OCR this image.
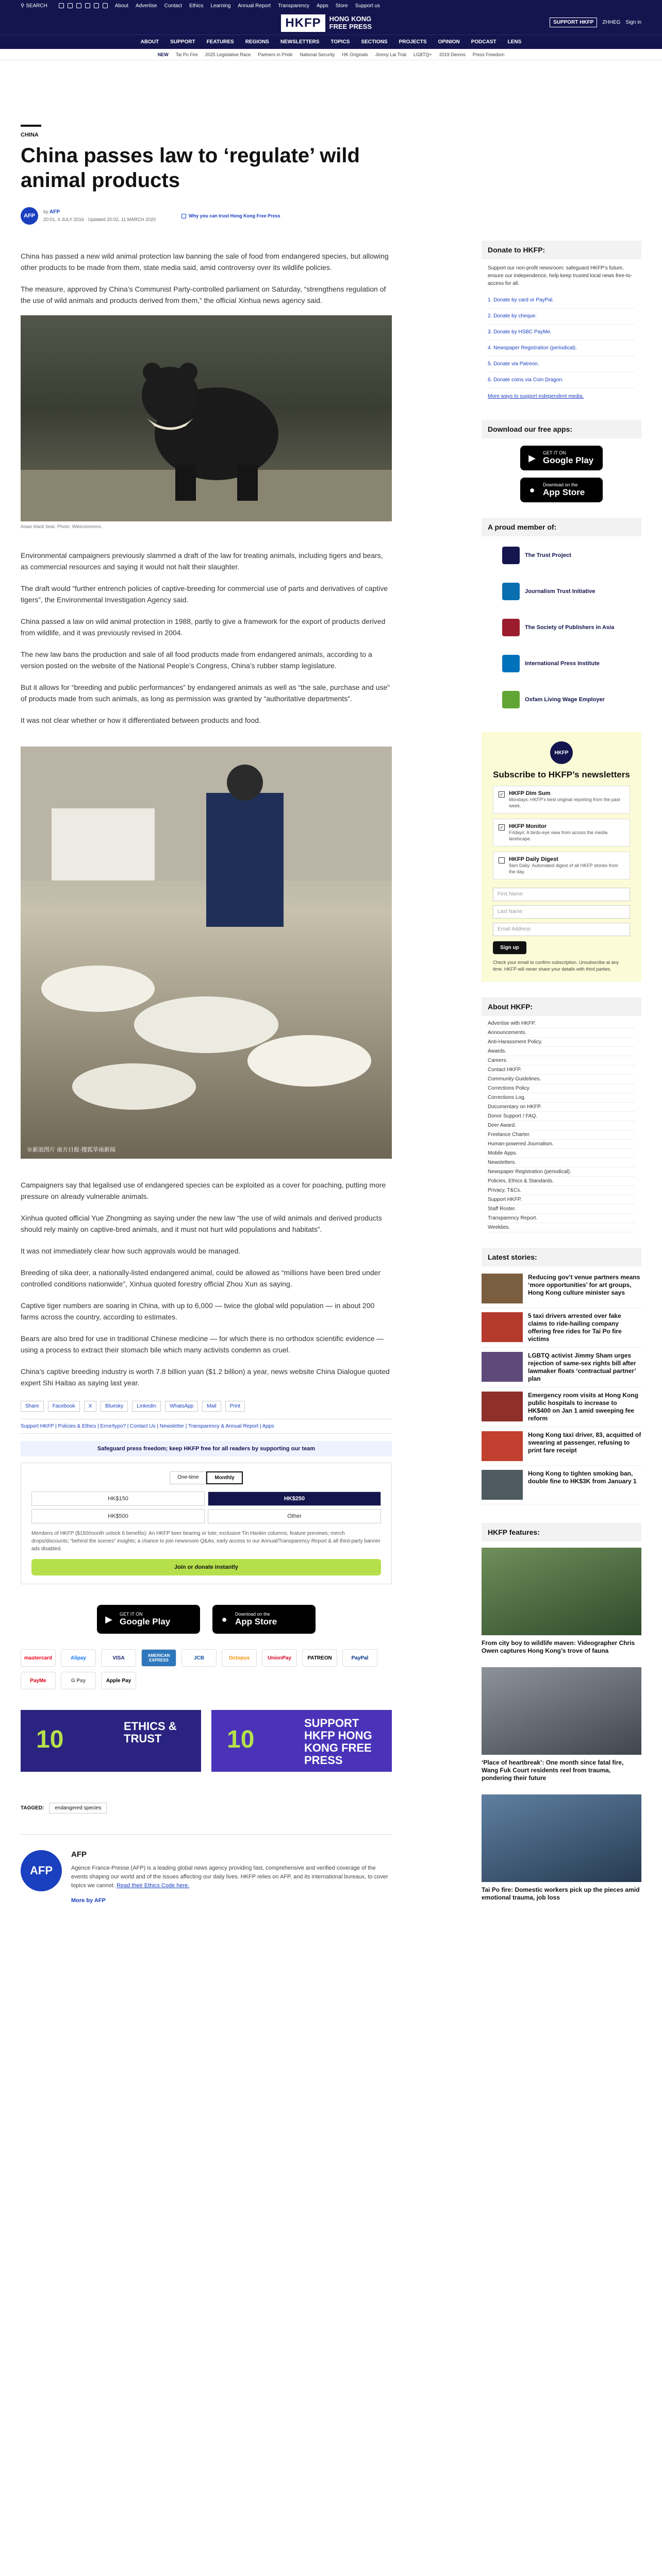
⚲ SEARCH	About Advertise Contact Ethics Learning Annual Report Transparency Apps Store Support us
HKFP	HONG KONG FREE PRESS	SUPPORT HKFP	ZHHEG Sign in
ABOUT SUPPORT FEATURES REGIONS NEWSLETTERS TOPICS SECTIONS PROJECTS OPINION PODCAST LENS
NEW Tai Po Fire 2025 Legislative Race Partners in Pride National Security HK Originals Jimmy Lai Trial LGBTQ+ 2019 Demos Press Freedom
CHINA
China passes law to ‘regulate’ wild animal products
AFP
by AFP
20:01, 4 JULY 2016 · Updated 20:02, 11 MARCH 2020
Why you can trust Hong Kong Free Press

China has passed a new wild animal protection law banning the sale of food from endangered species, but allowing other products to be made from them, state media said, amid controversy over its wildlife policies.

The measure, approved by China’s Communist Party-controlled parliament on Saturday, “strengthens regulation of the use of wild animals and products derived from them,” the official Xinhua news agency said.

Asian black bear. Photo: Wikicommons.

Environmental campaigners previously slammed a draft of the law for treating animals, including tigers and bears, as commercial resources and saying it would not halt their slaughter.

The draft would “further entrench policies of captive-breeding for commercial use of parts and derivatives of captive tigers”, the Environmental Investigation Agency said.

China passed a law on wild animal protection in 1988, partly to give a framework for the export of products derived from wildlife, and it was previously revised in 2004.

The new law bans the production and sale of all food products made from endangered animals, according to a version posted on the website of the National People’s Congress, China’s rubber stamp legislature.

But it allows for “breeding and public performances” by endangered animals as well as “the sale, purchase and use” of products made from such animals, as long as permission was granted by “authoritative departments”.

It was not clear whether or how it differentiated between products and food.

※新浪图片 南方日报-搜狐华南新闻

Campaigners say that legalised use of endangered species can be exploited as a cover for poaching, putting more pressure on already vulnerable animals.

Xinhua quoted official Yue Zhongming as saying under the new law “the use of wild animals and derived products should rely mainly on captive-bred animals, and it must not hurt wild populations and habitats”.

It was not immediately clear how such approvals would be managed.

Breeding of sika deer, a nationally-listed endangered animal, could be allowed as “millions have been bred under controlled conditions nationwide”, Xinhua quoted forestry official Zhou Xun as saying.

Captive tiger numbers are soaring in China, with up to 6,000 — twice the global wild population — in about 200 farms across the country, according to estimates.

Bears are also bred for use in traditional Chinese medicine — for which there is no orthodox scientific evidence — using a process to extract their stomach bile which many activists condemn as cruel.

China’s captive breeding industry is worth 7.8 billion yuan ($1.2 billion) a year, news website China Dialogue quoted expert Shi Haitao as saying last year.

Share	Facebook	X	Bluesky	LinkedIn	WhatsApp	Mail	Print
Support HKFP | Policies & Ethics | Error/typo? | Contact Us | Newsletter | Transparency & Annual Report | Apps
Safeguard press freedom; keep HKFP free for all readers by supporting our team
One-time	Monthly
HK$150	HK$250
HK$500	Other
Members of HKFP ($150/month unlock 6 benefits): An HKFP beer bearing or tote; exclusive Tin Hankin columns; feature previews; merch drops/discounts; “behind the scenes” insights; a chance to join newsroom Q&As; early access to our Annual/Transparency Report & all third-party banner ads disabled.
Join or donate instantly
▶	GET IT ON
Google Play	●	Download on the
App Store
mastercard	Alipay	VISA	AMERICAN EXPRESS	JCB	Octopus	UnionPay	PATREON	PayPal
PayMe	G Pay	Apple Pay
ETHICS & TRUST
10
SUPPORT HKFP HONG KONG FREE PRESS
10
TAGGED:	endangered species
AFP
AFP
Agence France-Presse (AFP) is a leading global news agency providing fast, comprehensive and verified coverage of the events shaping our world and of the issues affecting our daily lives. HKFP relies on AFP, and its international bureaux, to cover topics we cannot. Read their Ethics Code here.
More by AFP
Donate to HKFP:
Support our non-profit newsroom: safeguard HKFP’s future, ensure our independence, help keep trusted local news free-to-access for all.
1. Donate by card or PayPal.
2. Donate by cheque.
3. Donate by HSBC PayMe.
4. Newspaper Registration (periodical).
5. Donate via Patreon.
6. Donate coins via Coin Dragon.
More ways to support independent media.
Download our free apps:
▶	GET IT ON
Google Play
●	Download on the
App Store
A proud member of:
The Trust Project
Journalism Trust Initiative
The Society of Publishers in Asia
International Press Institute
Oxfam Living Wage Employer
HKFP
Subscribe to HKFP’s newsletters
✓ HKFP Dim Sum
Mondays: HKFP’s best original reporting from the past week.
✓ HKFP Monitor
Fridays: A birds-eye view from across the media landscape.
HKFP Daily Digest
9am Daily: Automated digest of all HKFP stories from the day.
First Name
Last Name
Email Address
Sign up
Check your email to confirm subscription. Unsubscribe at any time. HKFP will never share your details with third parties.
About HKFP:
Advertise with HKFP.
Announcements.
Anti-Harassment Policy.
Awards.
Careers.
Contact HKFP.
Community Guidelines.
Corrections Policy.
Corrections Log.
Documentary on HKFP.
Donor Support / FAQ.
Deer Award.
Freelance Charter.
Human-powered Journalism.
Mobile Apps.
Newsletters.
Newspaper Registration (periodical).
Policies, Ethics & Standards.
Privacy, T&Cs.
Support HKFP.
Staff Roster.
Transparency Report.
Weeklies.
Latest stories:
Reducing gov’t venue partners means ‘more opportunities’ for art groups, Hong Kong culture minister says
5 taxi drivers arrested over fake claims to ride-hailing company offering free rides for Tai Po fire victims
LGBTQ activist Jimmy Sham urges rejection of same-sex rights bill after lawmaker floats ‘contractual partner’ plan
Emergency room visits at Hong Kong public hospitals to increase to HK$400 on Jan 1 amid sweeping fee reform
Hong Kong taxi driver, 83, acquitted of swearing at passenger, refusing to print fare receipt
Hong Kong to tighten smoking ban, double fine to HK$3K from January 1
HKFP features:
From city boy to wildlife maven: Videographer Chris Owen captures Hong Kong’s trove of fauna
‘Place of heartbreak’: One month since fatal fire, Wang Fuk Court residents reel from trauma, pondering their future
Tai Po fire: Domestic workers pick up the pieces amid emotional trauma, job loss
